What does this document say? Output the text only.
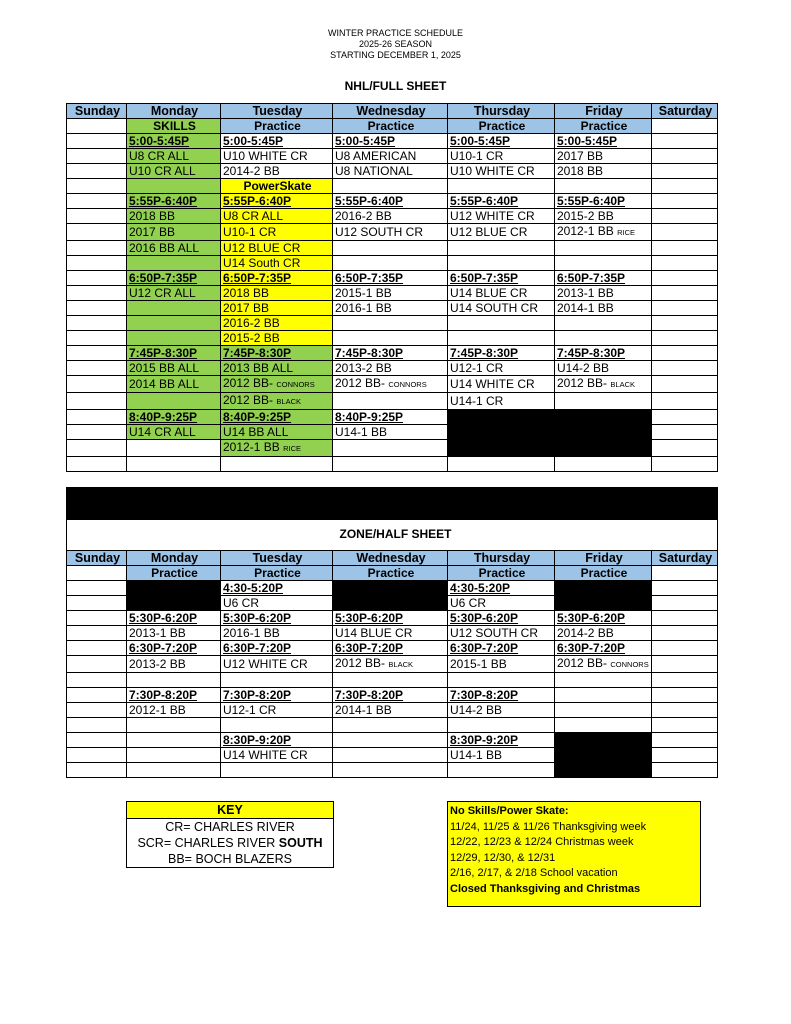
WINTER PRACTICE SCHEDULE
2025-26 SEASON
STARTING DECEMBER 1, 2025
NHL/FULL SHEET
Sunday	Monday	Tuesday	Wednesday	Thursday	Friday	Saturday
	SKILLS	Practice	Practice	Practice	Practice	
	5:00-5:45P	5:00-5:45P	5:00-5:45P	5:00-5:45P	5:00-5:45P	
	U8 CR ALL	U10 WHITE CR	U8 AMERICAN	U10-1 CR	2017 BB	
	U10 CR ALL	2014-2 BB	U8 NATIONAL	U10 WHITE CR	2018 BB	
		PowerSkate				
	5:55P-6:40P	5:55P-6:40P	5:55P-6:40P	5:55P-6:40P	5:55P-6:40P	
	2018 BB	U8 CR ALL	2016-2 BB	U12 WHITE CR	2015-2 BB	
	2017 BB	U10-1 CR	U12 SOUTH CR	U12 BLUE CR	2012-1 BB RICE	
	2016 BB ALL	U12 BLUE CR				
		U14 South CR				
	6:50P-7:35P	6:50P-7:35P	6:50P-7:35P	6:50P-7:35P	6:50P-7:35P	
	U12 CR ALL	2018 BB	2015-1 BB	U14 BLUE CR	2013-1 BB	
		2017 BB	2016-1 BB	U14 SOUTH CR	2014-1 BB	
		2016-2 BB				
		2015-2 BB				
	7:45P-8:30P	7:45P-8:30P	7:45P-8:30P	7:45P-8:30P	7:45P-8:30P	
	2015 BB ALL	2013 BB ALL	2013-2 BB	U12-1 CR	U14-2 BB	
	2014 BB ALL	2012 BB- CONNORS	2012 BB- CONNORS	U14 WHITE CR	2012 BB- BLACK	
		2012 BB- BLACK		U14-1 CR		
	8:40P-9:25P	8:40P-9:25P	8:40P-9:25P			
	U14 CR ALL	U14 BB ALL	U14-1 BB			
		2012-1 BB RICE				

ZONE/HALF SHEET
Sunday	Monday	Tuesday	Wednesday	Thursday	Friday	Saturday
	Practice	Practice	Practice	Practice	Practice	
		4:30-5:20P		4:30-5:20P		
		U6 CR		U6 CR		
	5:30P-6:20P	5:30P-6:20P	5:30P-6:20P	5:30P-6:20P	5:30P-6:20P	
	2013-1 BB	2016-1 BB	U14 BLUE CR	U12 SOUTH CR	2014-2 BB	
	6:30P-7:20P	6:30P-7:20P	6:30P-7:20P	6:30P-7:20P	6:30P-7:20P	
	2013-2 BB	U12 WHITE CR	2012 BB- BLACK	2015-1 BB	2012 BB- CONNORS	

	7:30P-8:20P	7:30P-8:20P	7:30P-8:20P	7:30P-8:20P		
	2012-1 BB	U12-1 CR	2014-1 BB	U14-2 BB		

		8:30P-9:20P		8:30P-9:20P		
		U14 WHITE CR		U14-1 BB		

KEY
CR= CHARLES RIVER
SCR= CHARLES RIVER SOUTH
BB= BOCH BLAZERS
No Skills/Power Skate:
11/24, 11/25 & 11/26 Thanksgiving week
12/22, 12/23 & 12/24 Christmas week
12/29, 12/30, & 12/31
2/16, 2/17, & 2/18 School vacation
Closed Thanksgiving and Christmas
